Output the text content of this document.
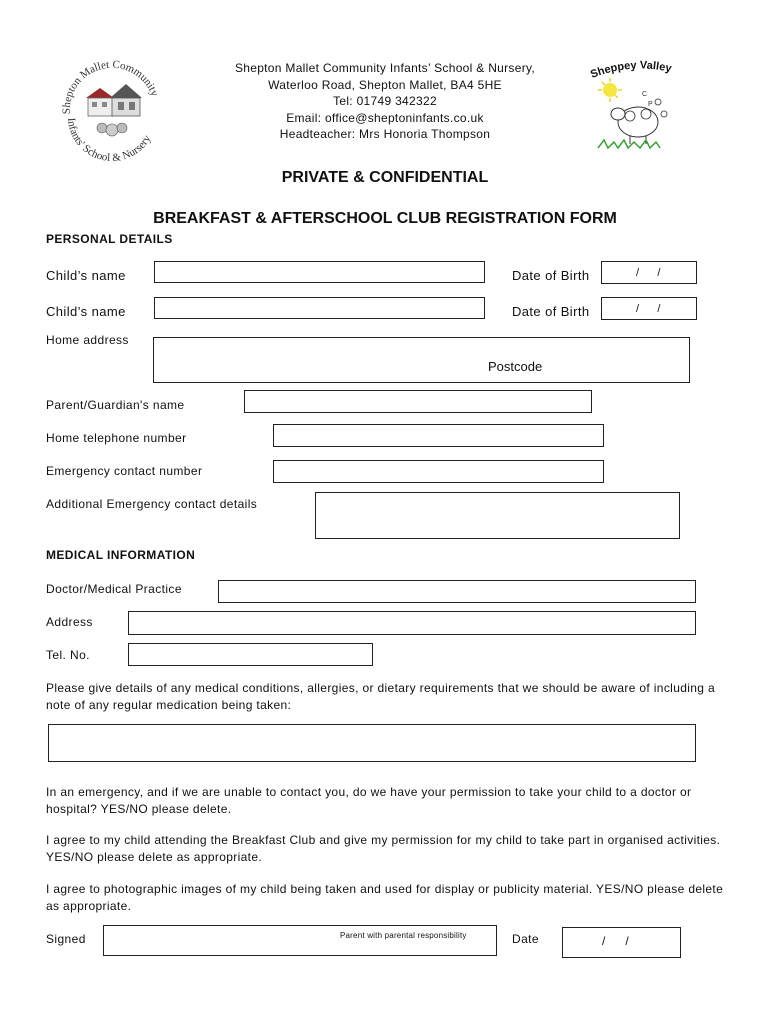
Shepton Mallet Community
Infants' School & Nursery
Sheppey Valley
C
P
Shepton Mallet Community Infants’ School & Nursery,
Waterloo Road, Shepton Mallet, BA4 5HE
Tel: 01749 342322
Email: office@sheptoninfants.co.uk
Headteacher: Mrs Honoria Thompson
PRIVATE & CONFIDENTIAL
BREAKFAST & AFTERSCHOOL CLUB REGISTRATION FORM
PERSONAL DETAILS
Child’s name	Date of Birth	/      /
Child’s name	Date of Birth	/      /
Home address
Postcode
Parent/Guardian's name
Home telephone number
Emergency contact number
Additional Emergency contact details
MEDICAL INFORMATION
Doctor/Medical Practice
Address
Tel. No.
Please give details of any medical conditions, allergies, or dietary requirements that we should be aware of including a note of any regular medication being taken:
In an emergency, and if we are unable to contact you, do we have your permission to take your child to a doctor or hospital? YES/NO please delete.
I agree to my child attending the Breakfast Club and give my permission for my child to take part in organised activities. YES/NO please delete as appropriate.
I agree to photographic images of my child being taken and used for display or publicity material. YES/NO please delete as appropriate.
Signed	Parent with parental responsibility	Date	/      /
